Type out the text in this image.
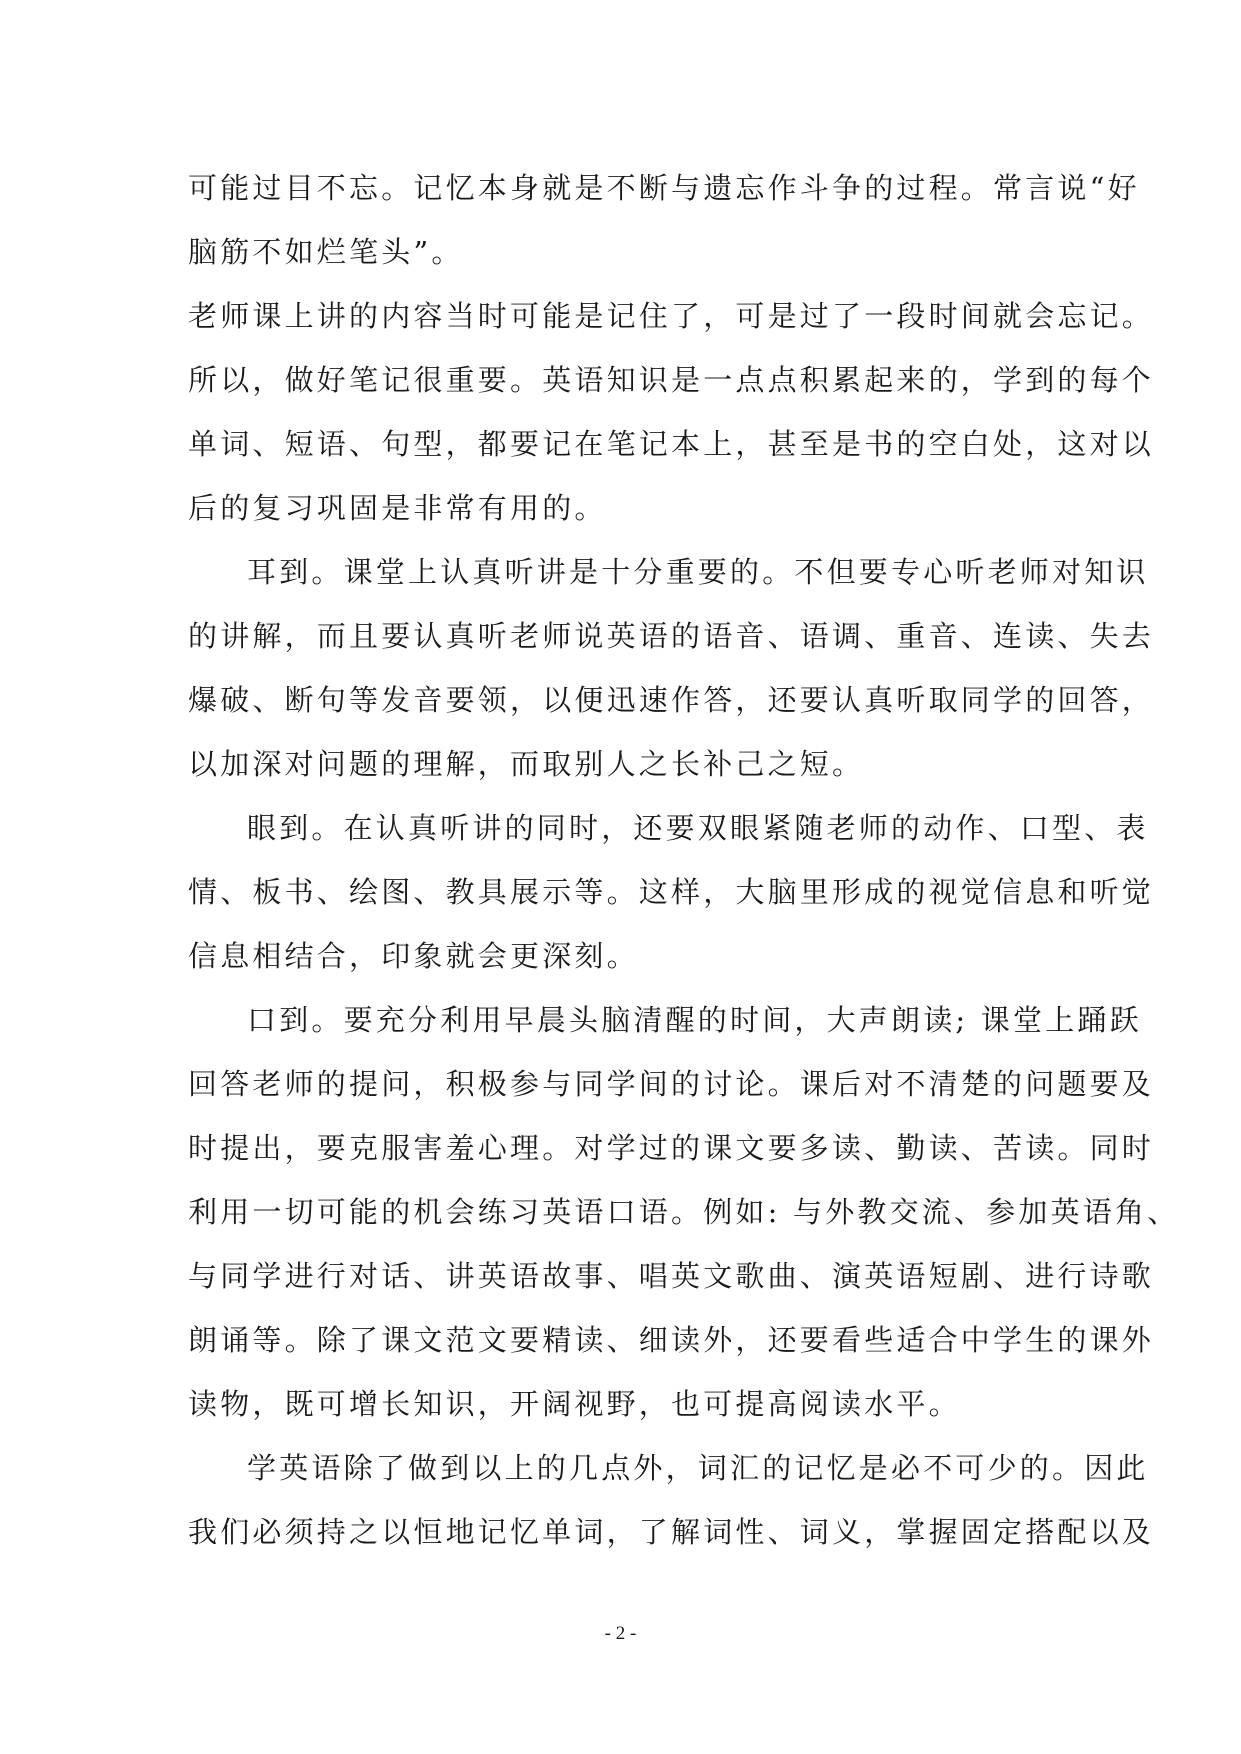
可能过目不忘。记忆本身就是不断与遗忘作斗争的过程。常言说“好
脑筋不如烂笔头”。
老师课上讲的内容当时可能是记住了，可是过了一段时间就会忘记。
所以，做好笔记很重要。英语知识是一点点积累起来的，学到的每个
单词、短语、句型，都要记在笔记本上，甚至是书的空白处，这对以
后的复习巩固是非常有用的。
耳到。课堂上认真听讲是十分重要的。不但要专心听老师对知识
的讲解，而且要认真听老师说英语的语音、语调、重音、连读、失去
爆破、断句等发音要领，以便迅速作答，还要认真听取同学的回答，
以加深对问题的理解，而取别人之长补己之短。
眼到。在认真听讲的同时，还要双眼紧随老师的动作、口型、表
情、板书、绘图、教具展示等。这样，大脑里形成的视觉信息和听觉
信息相结合，印象就会更深刻。
口到。要充分利用早晨头脑清醒的时间，大声朗读; 课堂上踊跃
回答老师的提问，积极参与同学间的讨论。课后对不清楚的问题要及
时提出，要克服害羞心理。对学过的课文要多读、勤读、苦读。同时
利用一切可能的机会练习英语口语。例如: 与外教交流、参加英语角、
与同学进行对话、讲英语故事、唱英文歌曲、演英语短剧、进行诗歌
朗诵等。除了课文范文要精读、细读外，还要看些适合中学生的课外
读物，既可增长知识，开阔视野，也可提高阅读水平。
学英语除了做到以上的几点外，词汇的记忆是必不可少的。因此
我们必须持之以恒地记忆单词，了解词性、词义，掌握固定搭配以及
- 2 -
